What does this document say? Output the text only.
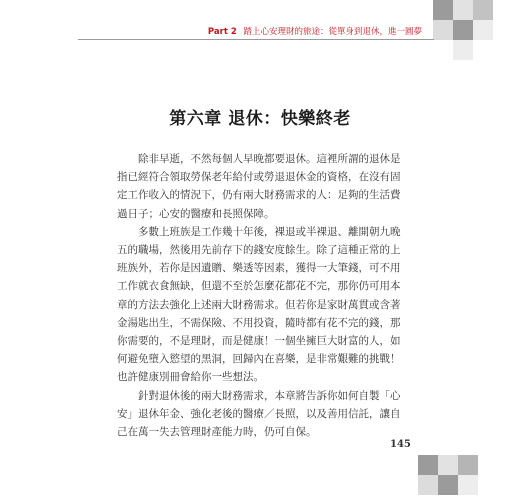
Part 2 踏上心安理財的旅途：從單身到退休，進一圓夢
第六章 退休：快樂終老

除非早逝，不然每個人早晚都要退休。這裡所謂的退休是指已經符合領取勞保老年給付或勞退退休金的資格，在沒有固定工作收入的情況下，仍有兩大財務需求的人：足夠的生活費過日子；心安的醫療和長照保障。

多數上班族是工作幾十年後，裸退或半裸退、離開朝九晚五的職場，然後用先前存下的錢安度餘生。除了這種正常的上班族外，若你是因遺贈、樂透等因素，獲得一大筆錢，可不用工作就衣食無缺，但還不至於怎麼花都花不完，那你仍可用本章的方法去強化上述兩大財務需求。但若你是家財萬貫或含著金湯匙出生，不需保險、不用投資，隨時都有花不完的錢，那你需要的，不是理財，而是健康！一個坐擁巨大財富的人，如何避免墮入慾望的黑洞，回歸內在喜樂，是非常艱難的挑戰！也許健康別冊會給你一些想法。

針對退休後的兩大財務需求，本章將告訴你如何自製「心安」退休年金、強化老後的醫療／長照，以及善用信託，讓自己在萬一失去管理財產能力時，仍可自保。

145
